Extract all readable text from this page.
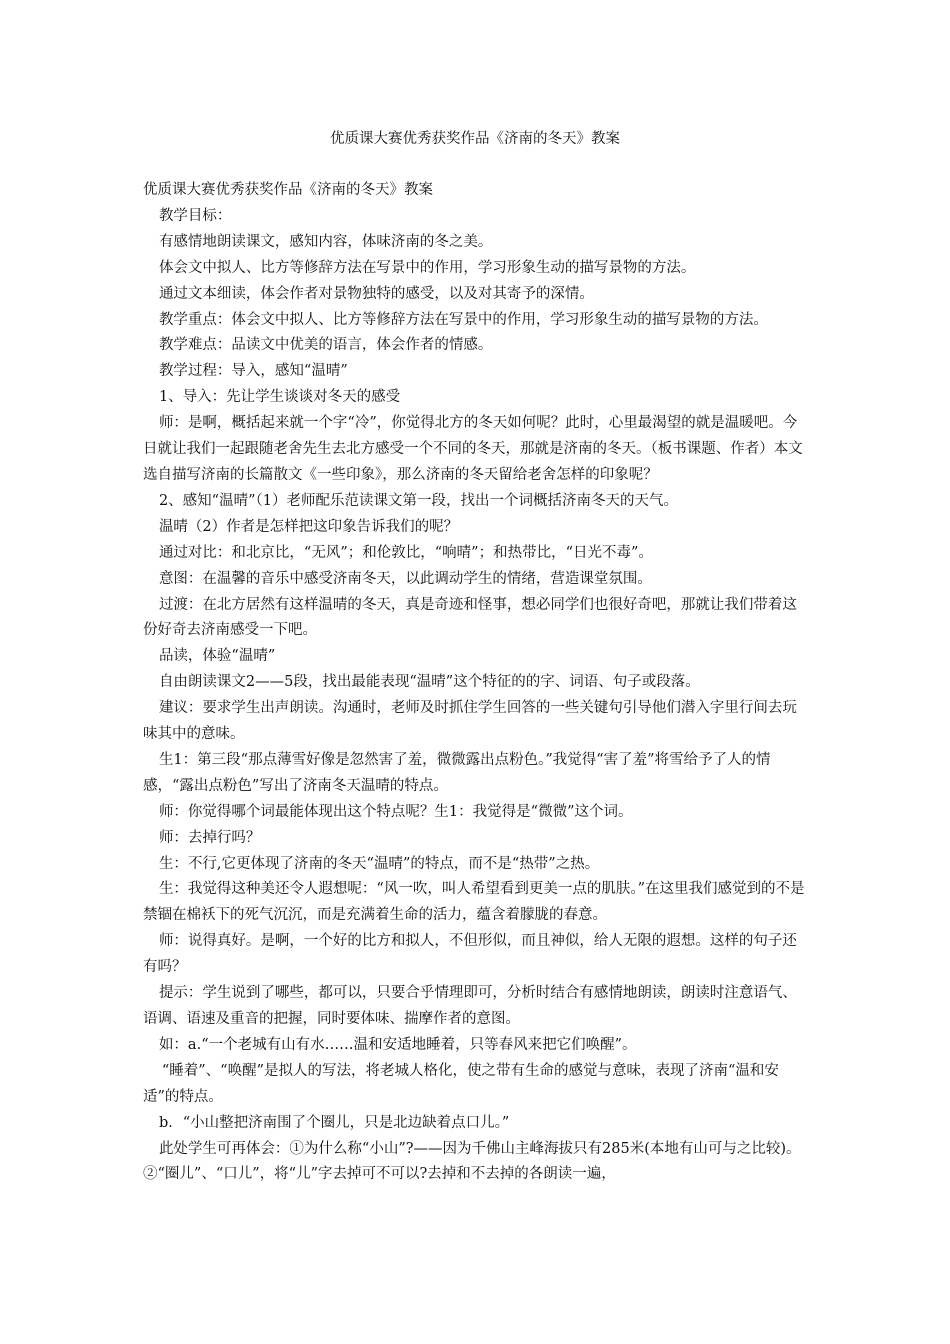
优质课大赛优秀获奖作品《济南的冬天》教案

优质课大赛优秀获奖作品《济南的冬天》教案

教学目标：

有感情地朗读课文，感知内容，体味济南的冬之美。

体会文中拟人、比方等修辞方法在写景中的作用，学习形象生动的描写景物的方法。

通过文本细读，体会作者对景物独特的感受，以及对其寄予的深情。

教学重点：体会文中拟人、比方等修辞方法在写景中的作用，学习形象生动的描写景物的方法。

教学难点：品读文中优美的语言，体会作者的情感。

教学过程：导入，感知“温晴”

1、导入：先让学生谈谈对冬天的感受

师：是啊，概括起来就一个字“冷”，你觉得北方的冬天如何呢？此时，心里最渴望的就是温暖吧。今日就让我们一起跟随老舍先生去北方感受一个不同的冬天，那就是济南的冬天。（板书课题、作者）本文选自描写济南的长篇散文《一些印象》，那么济南的冬天留给老舍怎样的印象呢？

2、感知“温晴”（1）老师配乐范读课文第一段，找出一个词概括济南冬天的天气。

温晴（2）作者是怎样把这印象告诉我们的呢？

通过对比：和北京比，“无风”；和伦敦比，“响晴”；和热带比，“日光不毒”。

意图：在温馨的音乐中感受济南冬天，以此调动学生的情绪，营造课堂氛围。

过渡：在北方居然有这样温晴的冬天，真是奇迹和怪事，想必同学们也很好奇吧，那就让我们带着这份好奇去济南感受一下吧。

品读，体验“温晴”

自由朗读课文2——5段，找出最能表现“温晴”这个特征的的字、词语、句子或段落。

建议：要求学生出声朗读。沟通时，老师及时抓住学生回答的一些关键句引导他们潜入字里行间去玩味其中的意味。

生1：第三段“那点薄雪好像是忽然害了羞，微微露出点粉色。”我觉得“害了羞”将雪给予了人的情感，“露出点粉色”写出了济南冬天温晴的特点。

师：你觉得哪个词最能体现出这个特点呢？生1：我觉得是“微微”这个词。

师：去掉行吗？

生：不行,它更体现了济南的冬天“温晴”的特点，而不是“热带”之热。

生：我觉得这种美还令人遐想呢：“风一吹，叫人希望看到更美一点的肌肤。”在这里我们感觉到的不是禁锢在棉袄下的死气沉沉，而是充满着生命的活力，蕴含着朦胧的春意。

师：说得真好。是啊，一个好的比方和拟人，不但形似，而且神似，给人无限的遐想。这样的句子还有吗？

提示：学生说到了哪些，都可以，只要合乎情理即可，分析时结合有感情地朗读，朗读时注意语气、语调、语速及重音的把握，同时要体味、揣摩作者的意图。

如：a.“一个老城有山有水……温和安适地睡着，只等春风来把它们唤醒”。

“睡着”、“唤醒”是拟人的写法，将老城人格化，使之带有生命的感觉与意味，表现了济南“温和安适”的特点。

b．“小山整把济南围了个圈儿，只是北边缺着点口儿。”

此处学生可再体会：①为什么称“小山”?——因为千佛山主峰海拔只有285米(本地有山可与之比较)。②“圈儿”、“口儿”，将“儿”字去掉可不可以?去掉和不去掉的各朗读一遍，
